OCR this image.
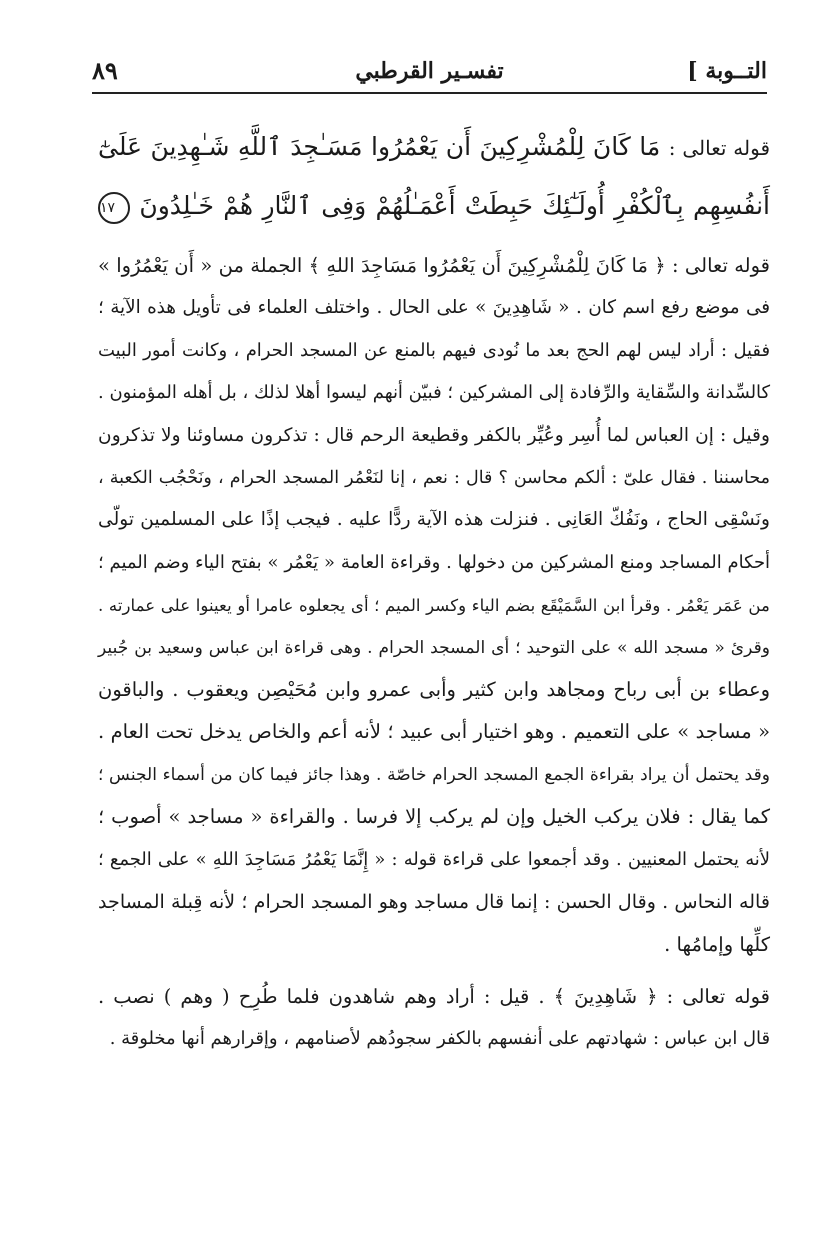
التــوبة ]
تفسـير القرطبي
٨٩

قوله تعالى : مَا كَانَ لِلْمُشْرِكِينَ أَن يَعْمُرُوا مَسَـٰجِدَ ٱللَّهِ شَـٰهِدِينَ عَلَىٰٓ

أَنفُسِهِم بِٱلْكُفْرِ أُولَـٰٓئِكَ حَبِطَتْ أَعْمَـٰلُهُمْ وَفِى ٱلنَّارِ هُمْ خَـٰلِدُونَ ١٧

قوله تعالى : ﴿ مَا كَانَ لِلْمُشْرِكِينَ أَن يَعْمُرُوا مَسَاجِدَ اللهِ ﴾ الجملة من « أَن يَعْمُرُوا »

فى موضع رفع اسم كان . « شَاهِدِينَ » على الحال . واختلف العلماء فى تأويل هذه الآية ؛

فقيل : أراد ليس لهم الحج بعد ما نُودى فيهم بالمنع عن المسجد الحرام ، وكانت أمور البيت

كالسِّدانة والسِّقاية والرِّفادة إلى المشركين ؛ فبيّن أنهم ليسوا أهلا لذلك ، بل أهله المؤمنون .

وقيل : إن العباس لما أُسِر وعُيِّر بالكفر وقطيعة الرحم قال : تذكرون مساوئنا ولا تذكرون

محاسننا . فقال علىّ : ألكم محاسن ؟ قال : نعم ، إنا لنَعْمُر المسجد الحرام ، ونَحْجُب الكعبة ،

ونَسْقِى الحاج ، ونَفُكّ العَانِى . فنزلت هذه الآية ردًّا عليه . فيجب إذًا على المسلمين تولّى

أحكام المساجد ومنع المشركين من دخولها . وقراءة العامة « يَعْمُر » بفتح الياء وضم الميم ؛

من عَمَر يَعْمُر . وقرأ ابن السَّمَيْقَع بضم الياء وكسر الميم ؛ أى يجعلوه عامرا أو يعينوا على عمارته .

وقرئ « مسجد الله » على التوحيد ؛ أى المسجد الحرام . وهى قراءة ابن عباس وسعيد بن جُبير

وعطاء بن أبى رباح ومجاهد وابن كثير وأبى عمرو وابن مُحَيْصِن ويعقوب . والباقون

« مساجد » على التعميم . وهو اختيار أبى عبيد ؛ لأنه أعم والخاص يدخل تحت العام .

وقد يحتمل أن يراد بقراءة الجمع المسجد الحرام خاصّة . وهذا جائز فيما كان من أسماء الجنس ؛

كما يقال : فلان يركب الخيل وإن لم يركب إلا فرسا . والقراءة « مساجد » أصوب ؛

لأنه يحتمل المعنيين . وقد أجمعوا على قراءة قوله : « إِنَّمَا يَعْمُرُ مَسَاجِدَ اللهِ » على الجمع ؛

قاله النحاس . وقال الحسن : إنما قال مساجد وهو المسجد الحرام ؛ لأنه قِبلة المساجد

كلِّها وإمامُها .

قوله تعالى : ﴿ شَاهِدِينَ ﴾ . قيل : أراد وهم شاهدون فلما طُرِح ( وهم ) نصب .

قال ابن عباس : شهادتهم على أنفسهم بالكفر سجودُهم لأصنامهم ، وإقرارهم أنها مخلوقة .
